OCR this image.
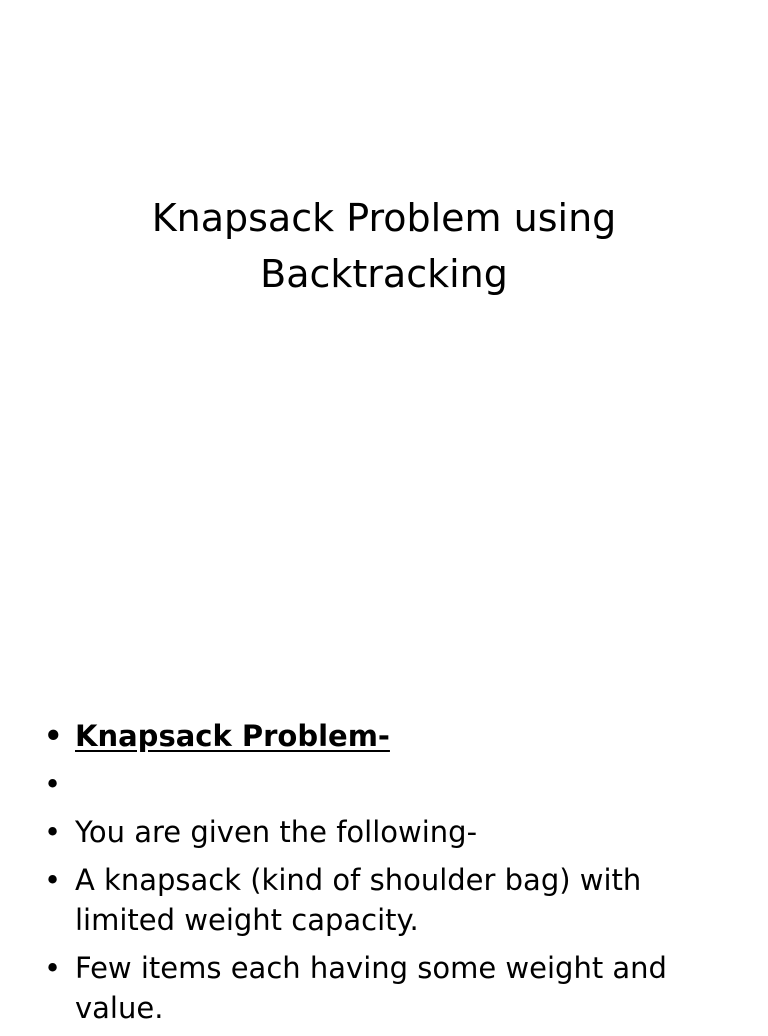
Knapsack Problem using
Backtracking
• Knapsack Problem-
•
• You are given the following-
• A knapsack (kind of shoulder bag) with limited weight capacity.
• Few items each having some weight and value.
